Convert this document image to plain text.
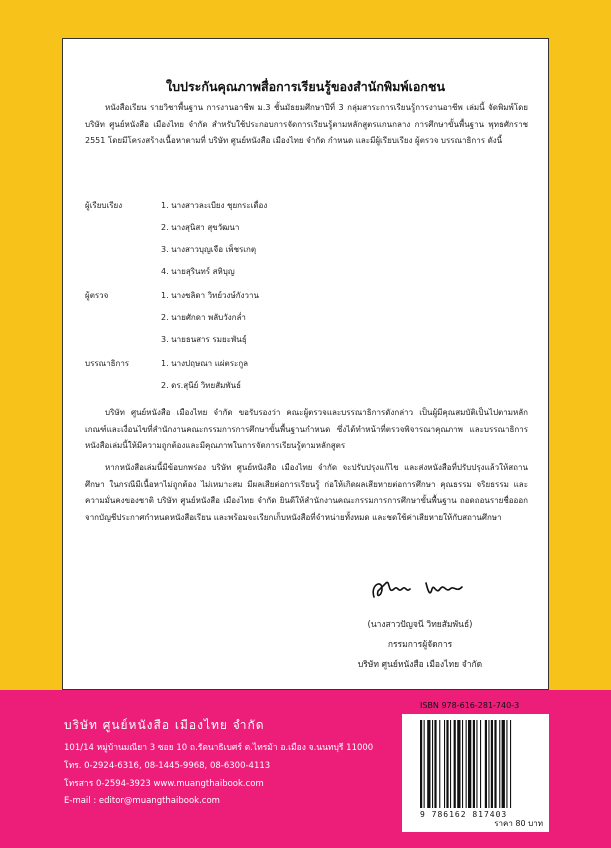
ใบประกันคุณภาพสื่อการเรียนรู้ของสำนักพิมพ์เอกชน
หนังสือเรียน รายวิชาพื้นฐาน การงานอาชีพ ม.3 ชั้นมัธยมศึกษาปีที่ 3 กลุ่มสาระการเรียนรู้การงานอาชีพ เล่มนี้ จัดพิมพ์โดย บริษัท ศูนย์หนังสือ เมืองไทย จำกัด สำหรับใช้ประกอบการจัดการเรียนรู้ตามหลักสูตรแกนกลาง การศึกษาขั้นพื้นฐาน พุทธศักราช 2551 โดยมีโครงสร้างเนื้อหาตามที่ บริษัท ศูนย์หนังสือ เมืองไทย จำกัด กำหนด และมีผู้เรียบเรียง ผู้ตรวจ บรรณาธิการ ดังนี้
ผู้เรียบเรียง	1. นางสาวละเบียง ชุยกระเดื่อง
2. นางสุนิสา สุขวัฒนา
3. นางสาวบุญเจือ เพ็ชรเกตุ
4. นายสุรินทร์ สหิบุญ
ผู้ตรวจ	1. นางชลิดา วิทย์วงษ์กังวาน
2. นายศักดา พลับวังกล่ำ
3. นายธนสาร รมยะพันธุ์
บรรณาธิการ	1. นางปฤษณา แผ่ตระกูล
2. ดร.สุนีย์ วิทยสัมพันธ์
บริษัท ศูนย์หนังสือ เมืองไทย จำกัด ขอรับรองว่า คณะผู้ตรวจและบรรณาธิการดังกล่าว เป็นผู้มีคุณสมบัติเป็นไปตามหลักเกณฑ์และเงื่อนไขที่สำนักงานคณะกรรมการการศึกษาขั้นพื้นฐานกำหนด ซึ่งได้ทำหน้าที่ตรวจพิจารณาคุณภาพ และบรรณาธิการหนังสือเล่มนี้ให้มีความถูกต้องและมีคุณภาพในการจัดการเรียนรู้ตามหลักสูตร
หากหนังสือเล่มนี้มีข้อบกพร่อง บริษัท ศูนย์หนังสือ เมืองไทย จำกัด จะปรับปรุงแก้ไข และส่งหนังสือที่ปรับปรุงแล้วให้สถานศึกษา ในกรณีมีเนื้อหาไม่ถูกต้อง ไม่เหมาะสม มีผลเสียต่อการเรียนรู้ ก่อให้เกิดผลเสียหายต่อการศึกษา คุณธรรม จริยธรรม และความมั่นคงของชาติ บริษัท ศูนย์หนังสือ เมืองไทย จำกัด ยินดีให้สำนักงานคณะกรรมการการศึกษาขั้นพื้นฐาน ถอดถอนรายชื่อออกจากบัญชีประกาศกำหนดหนังสือเรียน และพร้อมจะเรียกเก็บหนังสือที่จำหน่ายทั้งหมด และชดใช้ค่าเสียหายให้กับสถานศึกษา
(นางสาวปัญจนี วิทยสัมพันธ์)
กรรมการผู้จัดการ
บริษัท ศูนย์หนังสือ เมืองไทย จำกัด
บริษัท ศูนย์หนังสือ เมืองไทย จำกัด
101/14 หมู่บ้านมณียา 3 ซอย 10 ถ.รัตนาธิเบศร์ ต.ไทรม้า อ.เมือง จ.นนทบุรี 11000
โทร. 0-2924-6316, 08-1445-9968, 08-6300-4113
โทรสาร 0-2594-3923 www.muangthaibook.com
E-mail : editor@muangthaibook.com
ISBN 978-616-281-740-3
9 786162 817403
ราคา 80 บาท
